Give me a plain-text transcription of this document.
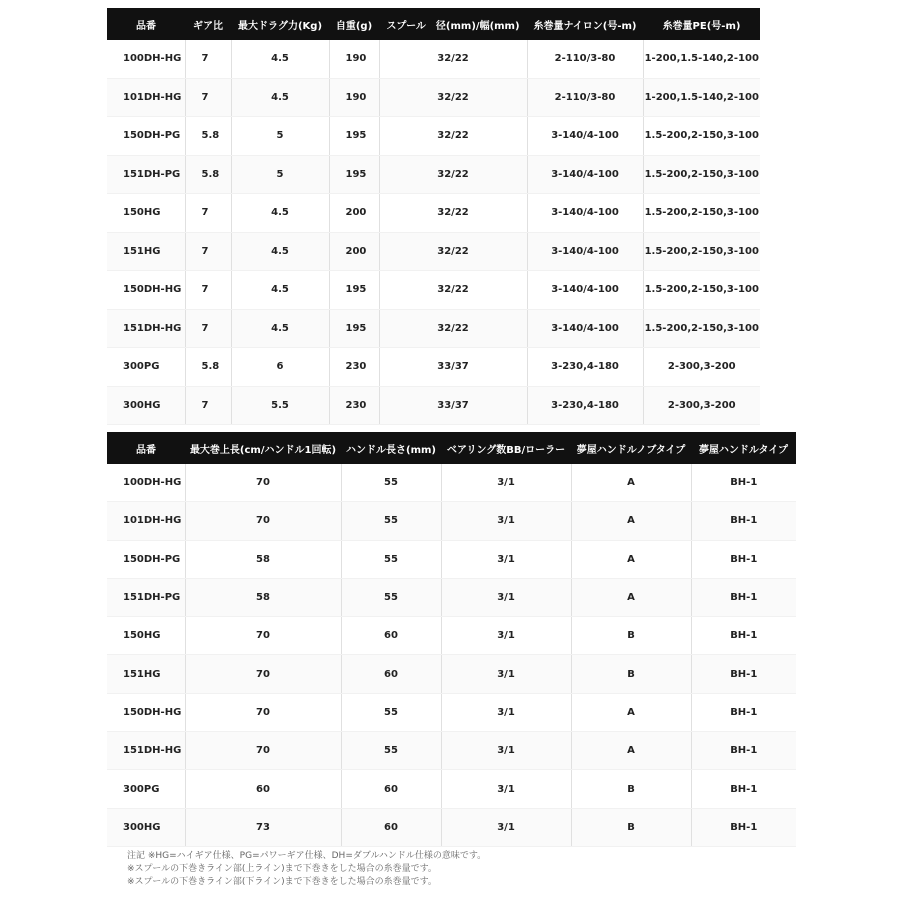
品番	ギア比	最大ドラグ力(Kg)	自重(g)	スプール　径(mm)/幅(mm)	糸巻量ナイロン(号-m)	糸巻量PE(号-m)
100DH-HG	7	4.5	190	32/22	2-110/3-80	1-200,1.5-140,2-100
101DH-HG	7	4.5	190	32/22	2-110/3-80	1-200,1.5-140,2-100
150DH-PG	5.8	5	195	32/22	3-140/4-100	1.5-200,2-150,3-100
151DH-PG	5.8	5	195	32/22	3-140/4-100	1.5-200,2-150,3-100
150HG	7	4.5	200	32/22	3-140/4-100	1.5-200,2-150,3-100
151HG	7	4.5	200	32/22	3-140/4-100	1.5-200,2-150,3-100
150DH-HG	7	4.5	195	32/22	3-140/4-100	1.5-200,2-150,3-100
151DH-HG	7	4.5	195	32/22	3-140/4-100	1.5-200,2-150,3-100
300PG	5.8	6	230	33/37	3-230,4-180	2-300,3-200
300HG	7	5.5	230	33/37	3-230,4-180	2-300,3-200
品番	最大巻上長(cm/ハンドル1回転)	ハンドル長さ(mm)	ベアリング数BB/ローラー	夢屋ハンドルノブタイプ	夢屋ハンドルタイプ
100DH-HG	70	55	3/1	A	BH-1
101DH-HG	70	55	3/1	A	BH-1
150DH-PG	58	55	3/1	A	BH-1
151DH-PG	58	55	3/1	A	BH-1
150HG	70	60	3/1	B	BH-1
151HG	70	60	3/1	B	BH-1
150DH-HG	70	55	3/1	A	BH-1
151DH-HG	70	55	3/1	A	BH-1
300PG	60	60	3/1	B	BH-1
300HG	73	60	3/1	B	BH-1
注記 ※HG=ハイギア仕様、PG=パワーギア仕様、DH=ダブルハンドル仕様の意味です。
※スプールの下巻きライン部(上ライン)まで下巻きをした場合の糸巻量です。
※スプールの下巻きライン部(下ライン)まで下巻きをした場合の糸巻量です。
